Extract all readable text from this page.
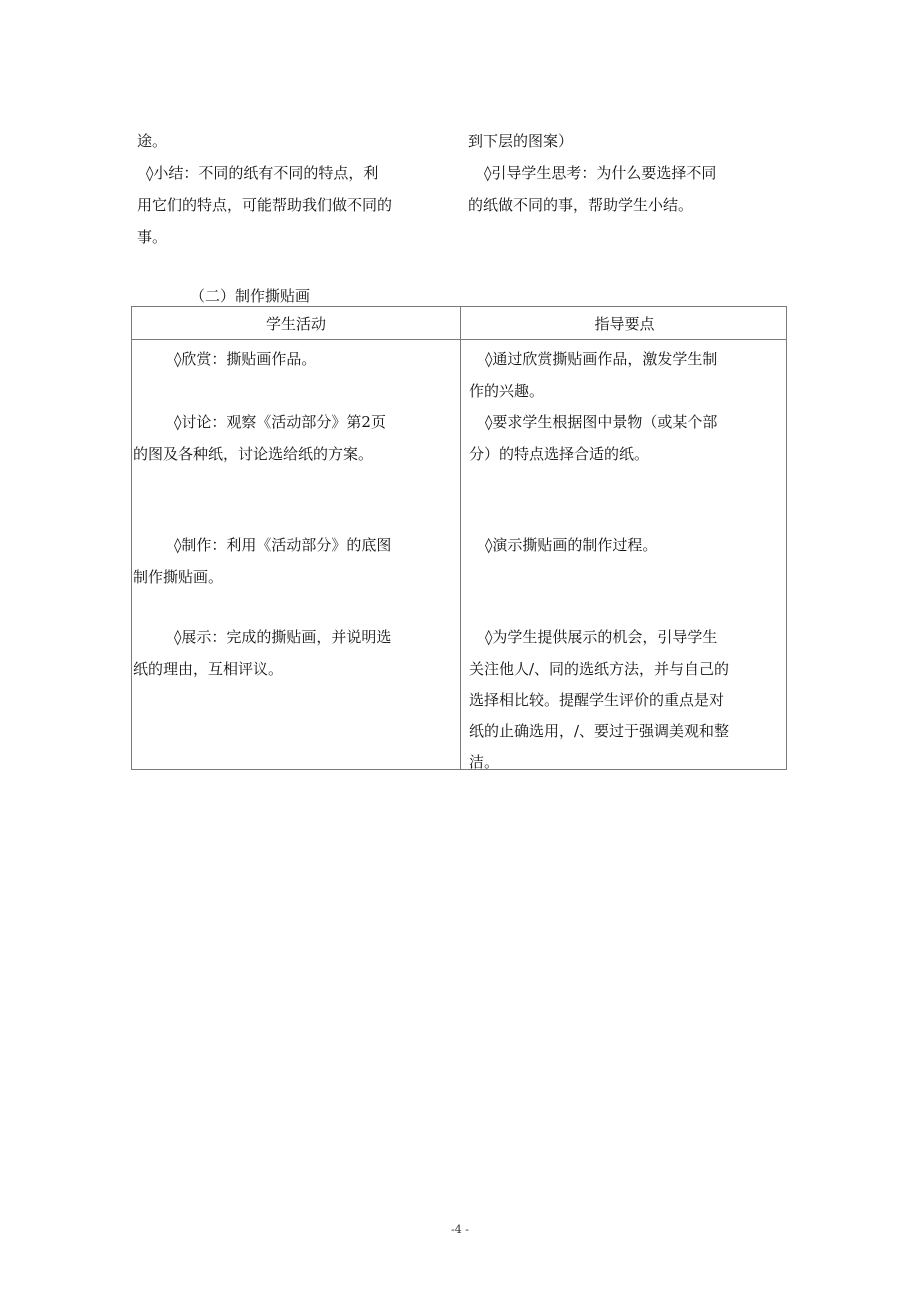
途。
◊小结：不同的纸有不同的特点，利
用它们的特点，可能帮助我们做不同的
事。
到下层的图案）
◊引导学生思考：为什么要选择不同
的纸做不同的事，帮助学生小结。
（二）制作撕贴画
学生活动	指导要点
◊欣赏：撕贴画作品。
◊讨论：观察《活动部分》第2页
的图及各种纸，讨论选给纸的方案。
◊制作：利用《活动部分》的底图
制作撕贴画。
◊展示：完成的撕贴画，并说明选
纸的理由，互相评议。
◊通过欣赏撕贴画作品，激发学生制
作的兴趣。
◊要求学生根据图中景物（或某个部
分）的特点选择合适的纸。
◊演示撕贴画的制作过程。
◊为学生提供展示的机会，引导学生
关注他人/、同的选纸方法，并与自己的
选择相比较。提醒学生评价的重点是对
纸的止确选用，/、要过于强调美观和整
洁。
-4 -
